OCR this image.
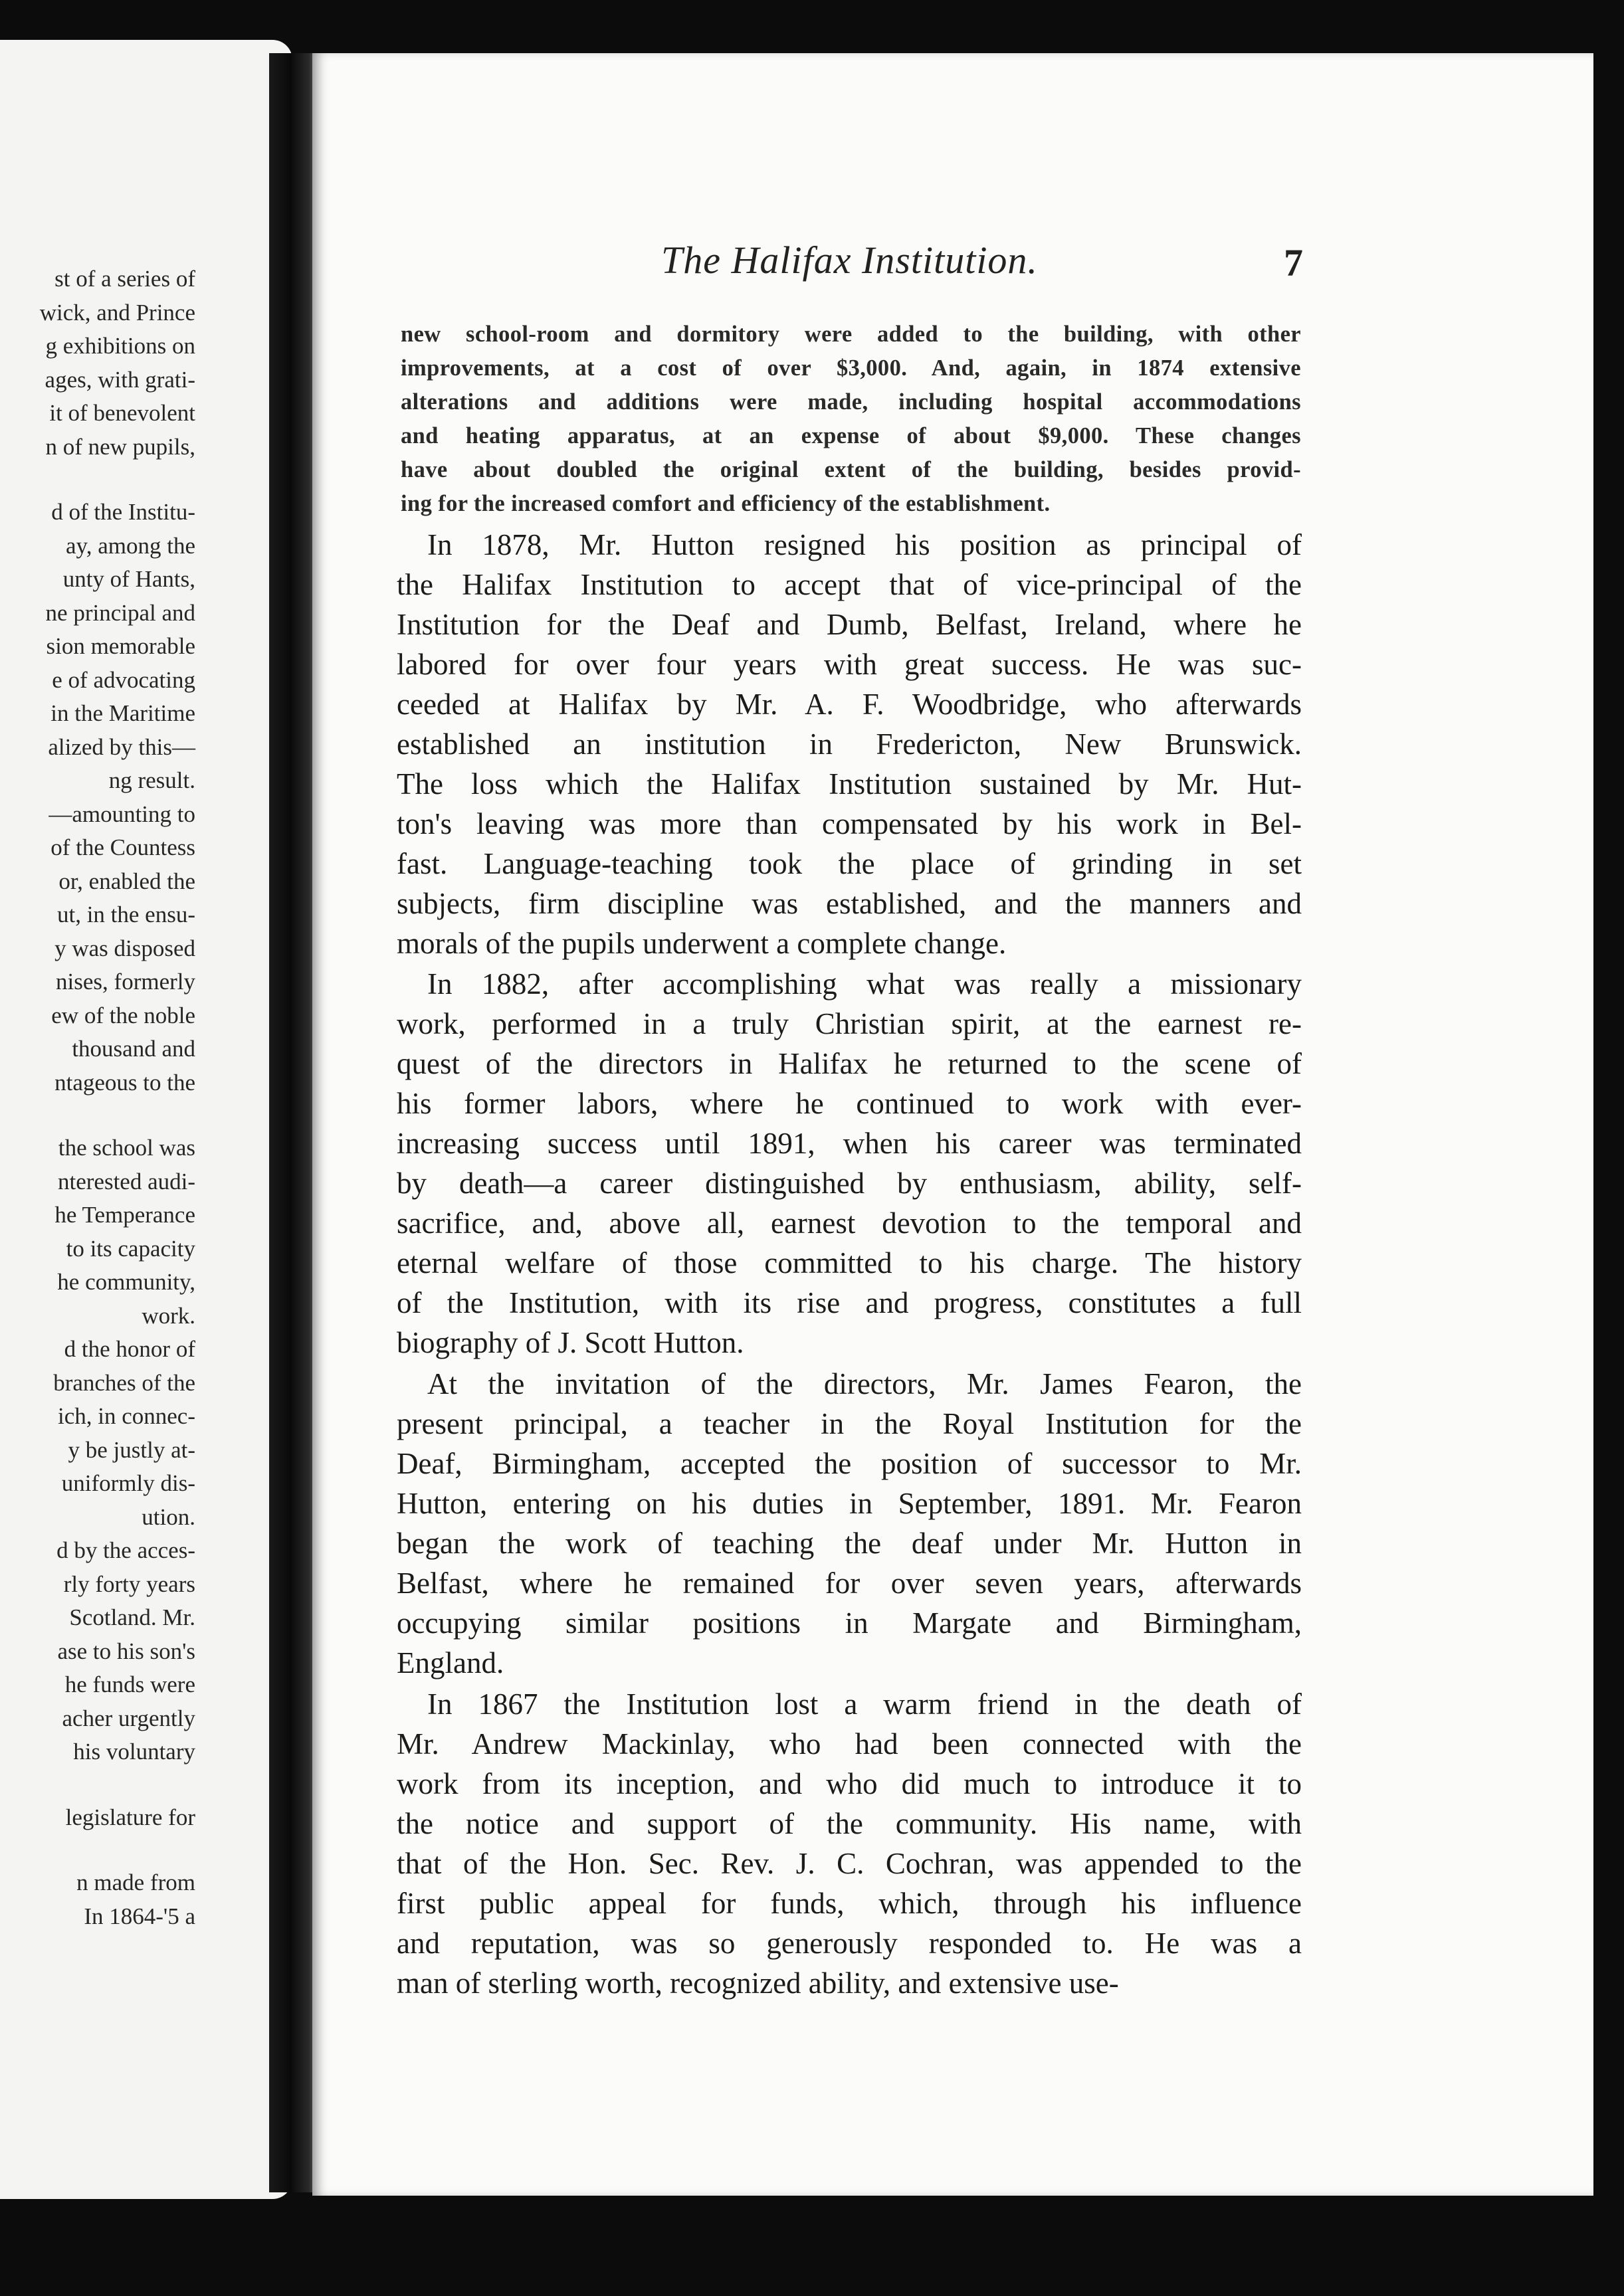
st of a series of
wick, and Prince
g exhibitions on
ages, with grati-
it of benevolent
n of new pupils,
d of the Institu-
ay, among the
unty of Hants,
ne principal and
sion memorable
e of advocating
in the Maritime
alized by this—
ng result.
—amounting to
of the Countess
or, enabled the
ut, in the ensu-
y was disposed
nises, formerly
ew of the noble
thousand and
ntageous to the
the school was
nterested audi-
he Temperance
to its capacity
he community,
work.
d the honor of
branches of the
ich, in connec-
y be justly at-
uniformly dis-
ution.
d by the acces-
rly forty years
Scotland. Mr.
ase to his son's
he funds were
acher urgently
his voluntary
legislature for
n made from
In 1864-'5 a
The Halifax Institution.	7
new school-room and dormitory were added to the building, with other
improvements, at a cost of over $3,000. And, again, in 1874 extensive
alterations and additions were made, including hospital accommodations
and heating apparatus, at an expense of about $9,000. These changes
have about doubled the original extent of the building, besides provid-
ing for the increased comfort and efficiency of the establishment.
In 1878, Mr. Hutton resigned his position as principal of
the Halifax Institution to accept that of vice-principal of the
Institution for the Deaf and Dumb, Belfast, Ireland, where he
labored for over four years with great success. He was suc-
ceeded at Halifax by Mr. A. F. Woodbridge, who afterwards
established an institution in Fredericton, New Brunswick.
The loss which the Halifax Institution sustained by Mr. Hut-
ton's leaving was more than compensated by his work in Bel-
fast. Language-teaching took the place of grinding in set
subjects, firm discipline was established, and the manners and
morals of the pupils underwent a complete change.
In 1882, after accomplishing what was really a missionary
work, performed in a truly Christian spirit, at the earnest re-
quest of the directors in Halifax he returned to the scene of
his former labors, where he continued to work with ever-
increasing success until 1891, when his career was terminated
by death—a career distinguished by enthusiasm, ability, self-
sacrifice, and, above all, earnest devotion to the temporal and
eternal welfare of those committed to his charge. The history
of the Institution, with its rise and progress, constitutes a full
biography of J. Scott Hutton.
At the invitation of the directors, Mr. James Fearon, the
present principal, a teacher in the Royal Institution for the
Deaf, Birmingham, accepted the position of successor to Mr.
Hutton, entering on his duties in September, 1891. Mr. Fearon
began the work of teaching the deaf under Mr. Hutton in
Belfast, where he remained for over seven years, afterwards
occupying similar positions in Margate and Birmingham,
England.
In 1867 the Institution lost a warm friend in the death of
Mr. Andrew Mackinlay, who had been connected with the
work from its inception, and who did much to introduce it to
the notice and support of the community. His name, with
that of the Hon. Sec. Rev. J. C. Cochran, was appended to the
first public appeal for funds, which, through his influence
and reputation, was so generously responded to. He was a
man of sterling worth, recognized ability, and extensive use-
